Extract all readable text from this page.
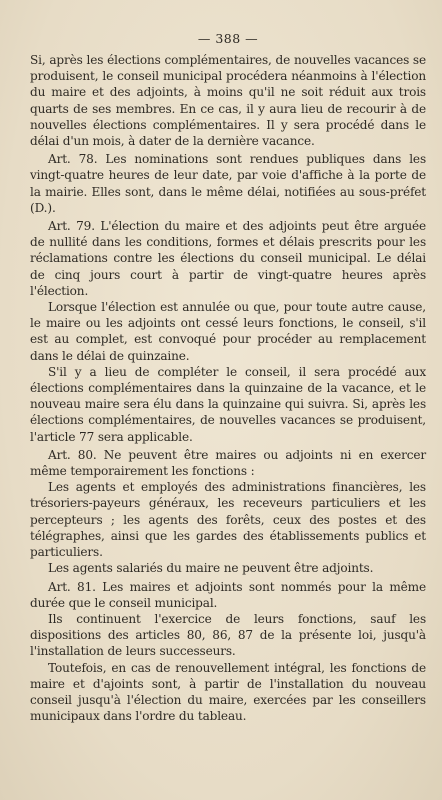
— 388 —

Si, après les élections complémentaires, de nouvelles vacances se produisent, le conseil municipal procédera néanmoins à l'élection du maire et des adjoints, à moins qu'il ne soit réduit aux trois quarts de ses membres. En ce cas, il y aura lieu de recourir à de nouvelles élections complémentaires. Il y sera procédé dans le délai d'un mois, à dater de la dernière vacance.

Art. 78. Les nominations sont rendues publiques dans les vingt-quatre heures de leur date, par voie d'affiche à la porte de la mairie. Elles sont, dans le même délai, notifiées au sous-préfet (D.).

Art. 79. L'élection du maire et des adjoints peut être arguée de nullité dans les conditions, formes et délais prescrits pour les réclamations contre les élections du conseil municipal. Le délai de cinq jours court à partir de vingt-quatre heures après l'élection.

Lorsque l'élection est annulée ou que, pour toute autre cause, le maire ou les adjoints ont cessé leurs fonctions, le conseil, s'il est au complet, est convoqué pour procéder au remplacement dans le délai de quinzaine.

S'il y a lieu de compléter le conseil, il sera procédé aux élections complémentaires dans la quinzaine de la vacance, et le nouveau maire sera élu dans la quinzaine qui suivra. Si, après les élections complémentaires, de nouvelles vacances se produisent, l'article 77 sera applicable.

Art. 80. Ne peuvent être maires ou adjoints ni en exercer même temporairement les fonctions :

Les agents et employés des administrations financières, les trésoriers-payeurs généraux, les receveurs particuliers et les percepteurs ; les agents des forêts, ceux des postes et des télégraphes, ainsi que les gardes des établissements publics et particuliers.

Les agents salariés du maire ne peuvent être adjoints.

Art. 81. Les maires et adjoints sont nommés pour la même durée que le conseil municipal.

Ils continuent l'exercice de leurs fonctions, sauf les dispositions des articles 80, 86, 87 de la présente loi, jusqu'à l'installation de leurs successeurs.

Toutefois, en cas de renouvellement intégral, les fonctions de maire et d'ajoints sont, à partir de l'installation du nouveau conseil jusqu'à l'élection du maire, exercées par les conseillers municipaux dans l'ordre du tableau.
